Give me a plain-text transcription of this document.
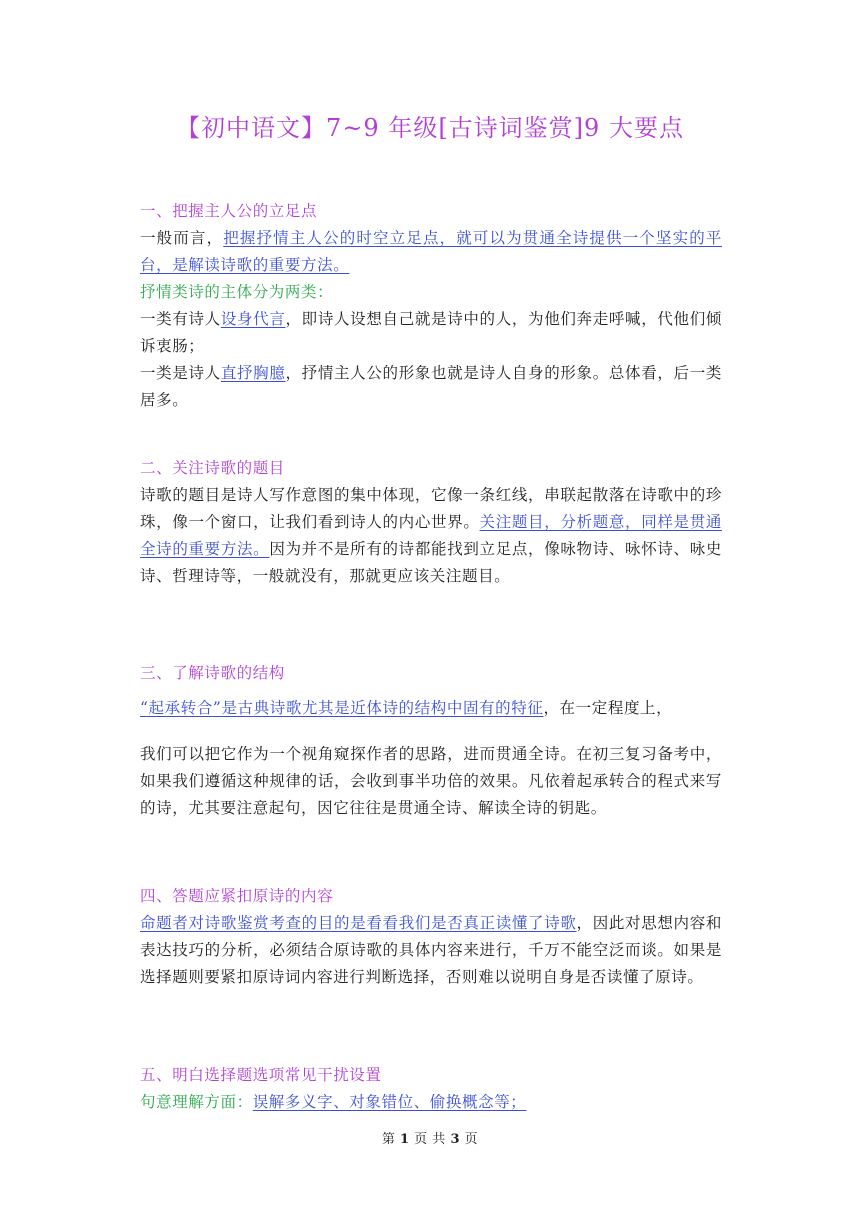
【初中语文】7~9 年级[古诗词鉴赏]9 大要点
一、把握主人公的立足点
一般而言，把握抒情主人公的时空立足点，就可以为贯通全诗提供一个坚实的平台，是解读诗歌的重要方法。
抒情类诗的主体分为两类：
一类有诗人设身代言，即诗人设想自己就是诗中的人，为他们奔走呼喊，代他们倾诉衷肠；
一类是诗人直抒胸臆，抒情主人公的形象也就是诗人自身的形象。总体看，后一类居多。
二、关注诗歌的题目
诗歌的题目是诗人写作意图的集中体现，它像一条红线，串联起散落在诗歌中的珍珠，像一个窗口，让我们看到诗人的内心世界。关注题目，分析题意，同样是贯通全诗的重要方法。因为并不是所有的诗都能找到立足点，像咏物诗、咏怀诗、咏史诗、哲理诗等，一般就没有，那就更应该关注题目。
三、了解诗歌的结构
“起承转合”是古典诗歌尤其是近体诗的结构中固有的特征，在一定程度上，
我们可以把它作为一个视角窥探作者的思路，进而贯通全诗。在初三复习备考中，如果我们遵循这种规律的话，会收到事半功倍的效果。凡依着起承转合的程式来写的诗，尤其要注意起句，因它往往是贯通全诗、解读全诗的钥匙。
四、答题应紧扣原诗的内容
命题者对诗歌鉴赏考查的目的是看看我们是否真正读懂了诗歌，因此对思想内容和表达技巧的分析，必须结合原诗歌的具体内容来进行，千万不能空泛而谈。如果是选择题则要紧扣原诗词内容进行判断选择，否则难以说明自身是否读懂了原诗。
五、明白选择题选项常见干扰设置
句意理解方面：误解多义字、对象错位、偷换概念等；
第 1 页 共 3 页
